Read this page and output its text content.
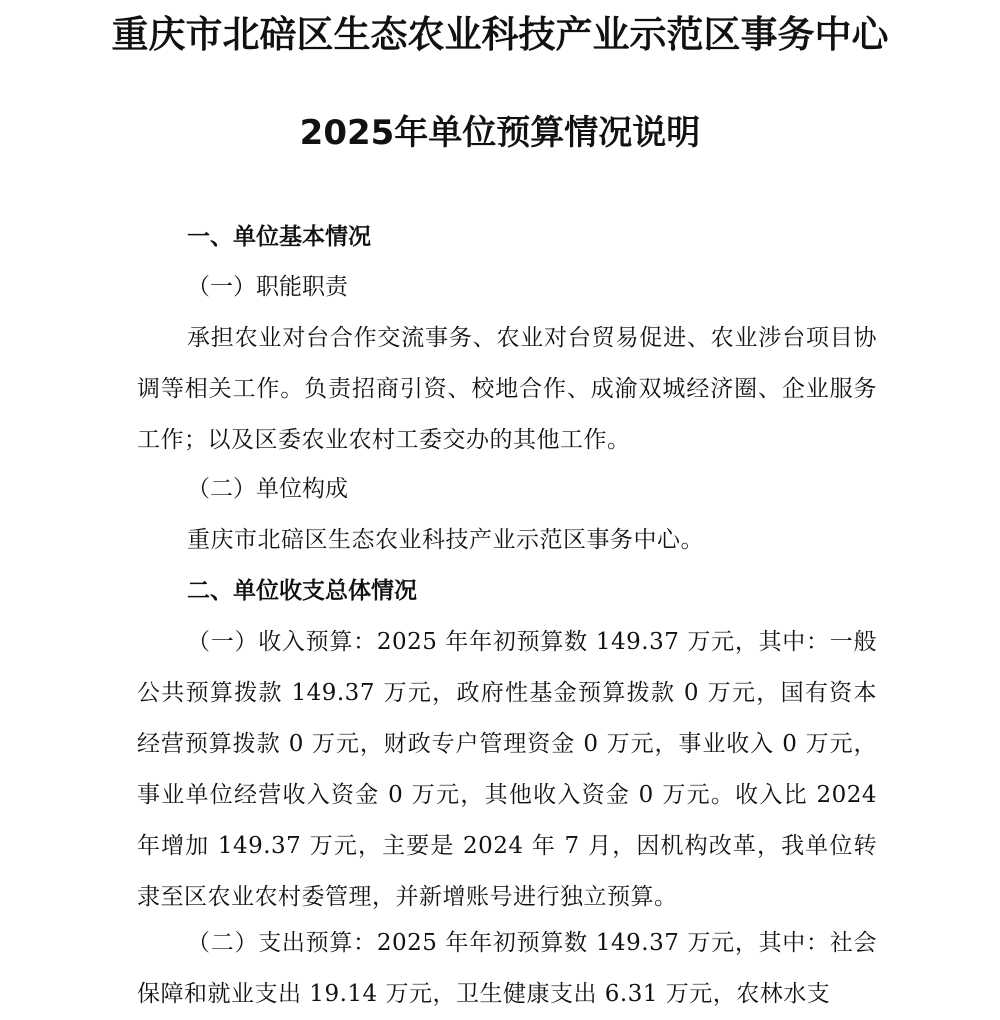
重庆市北碚区生态农业科技产业示范区事务中心
2025年单位预算情况说明

一、单位基本情况

（一）职能职责

承担农业对台合作交流事务、农业对台贸易促进、农业涉台项目协调等相关工作。负责招商引资、校地合作、成渝双城经济圈、企业服务工作；以及区委农业农村工委交办的其他工作。

（二）单位构成

重庆市北碚区生态农业科技产业示范区事务中心。

二、单位收支总体情况

（一）收入预算：2025 年年初预算数 149.37 万元，其中：一般公共预算拨款 149.37 万元，政府性基金预算拨款 0 万元，国有资本经营预算拨款 0 万元，财政专户管理资金 0 万元，事业收入 0 万元，事业单位经营收入资金 0 万元，其他收入资金 0 万元。收入比 2024 年增加 149.37 万元，主要是 2024 年 7 月，因机构改革，我单位转隶至区农业农村委管理，并新增账号进行独立预算。

（二）支出预算：2025 年年初预算数 149.37 万元，其中：社会保障和就业支出 19.14 万元，卫生健康支出 6.31 万元，农林水支
